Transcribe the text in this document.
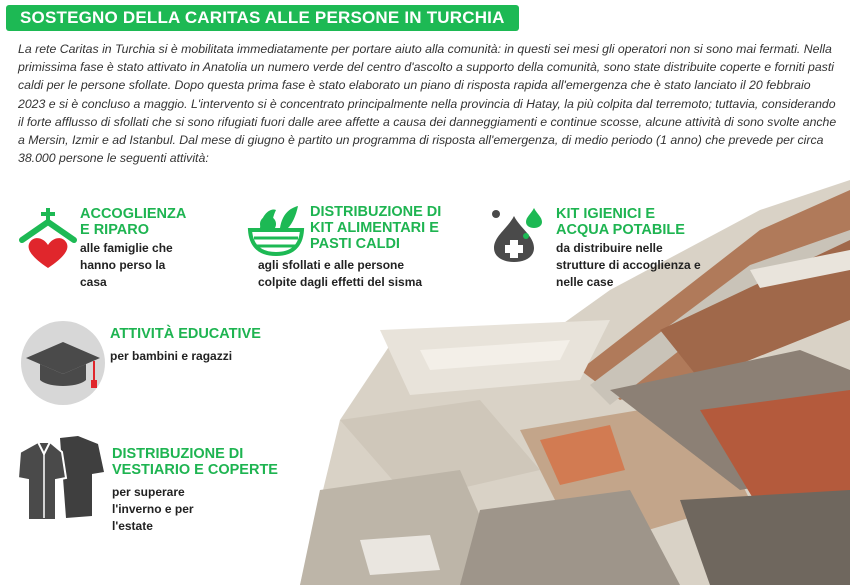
SOSTEGNO DELLA CARITAS ALLE PERSONE IN TURCHIA
La rete Caritas in Turchia si è mobilitata immediatamente per portare aiuto alla comunità: in questi sei mesi gli operatori non si sono mai fermati. Nella primissima fase è stato attivato in Anatolia un numero verde del centro d'ascolto a supporto della comunità, sono state distribuite coperte e forniti pasti caldi per le persone sfollate. Dopo questa prima fase è stato elaborato un piano di risposta rapida all'emergenza che è stato lanciato il 20 febbraio 2023 e si è concluso a maggio. L'intervento si è concentrato principalmente nella provincia di Hatay, la più colpita dal terremoto; tuttavia, considerando il forte afflusso di sfollati che si sono rifugiati fuori dalle aree affette a causa dei danneggiamenti e continue scosse, alcune attività di sono svolte anche a Mersin, Izmir e ad Istanbul. Dal mese di giugno è partito un programma di risposta all'emergenza, di medio periodo (1 anno) che prevede per circa 38.000 persone le seguenti attività:
ACCOGLIENZA E RIPARO
alle famiglie che hanno perso la casa
DISTRIBUZIONE DI KIT ALIMENTARI E PASTI CALDI
agli sfollati e alle persone colpite dagli effetti del sisma
KIT IGIENICI E ACQUA POTABILE
da distribuire nelle strutture di accoglienza e nelle case
ATTIVITÀ EDUCATIVE
per bambini e ragazzi
DISTRIBUZIONE DI VESTIARIO E COPERTE
per superare l'inverno e per l'estate
